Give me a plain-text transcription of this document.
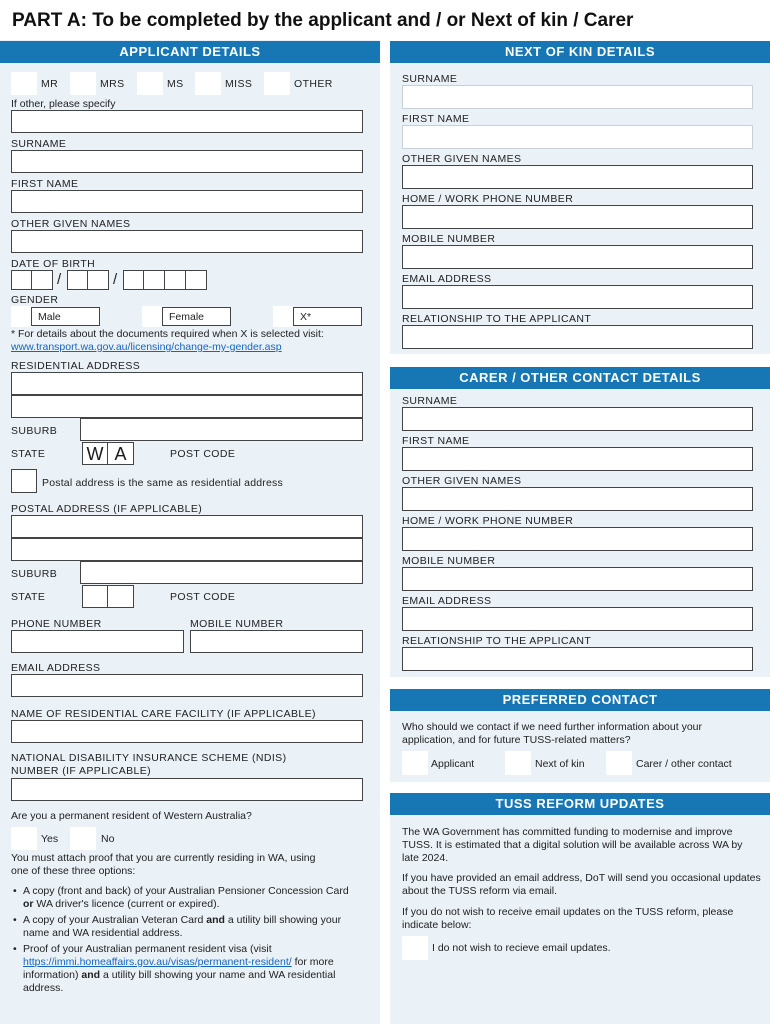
PART A: To be completed by the applicant and / or Next of kin / Carer
APPLICANT DETAILS
MR	MRS	MS	MISS	OTHER
If other, please specify
SURNAME
FIRST NAME
OTHER GIVEN NAMES
DATE OF BIRTH
/	/
GENDER
Male	Female	X*
* For details about the documents required when X is selected visit:
www.transport.wa.gov.au/licensing/change-my-gender.asp
RESIDENTIAL ADDRESS
SUBURB
STATE W A	POST CODE
Postal address is the same as residential address
POSTAL ADDRESS (IF APPLICABLE)
SUBURB
STATE	POST CODE
PHONE NUMBER	MOBILE NUMBER
EMAIL ADDRESS
NAME OF RESIDENTIAL CARE FACILITY (IF APPLICABLE)
NATIONAL DISABILITY INSURANCE SCHEME (NDIS)
NUMBER (IF APPLICABLE)
Are you a permanent resident of Western Australia?
Yes	No
You must attach proof that you are currently residing in WA, using one of these three options:
• A copy (front and back) of your Australian Pensioner Concession Card or WA driver's licence (current or expired).
• A copy of your Australian Veteran Card and a utility bill showing your name and WA residential address.
• Proof of your Australian permanent resident visa (visit https://immi.homeaffairs.gov.au/visas/permanent-resident/ for more information) and a utility bill showing your name and WA residential address.
NEXT OF KIN DETAILS
SURNAME
FIRST NAME
OTHER GIVEN NAMES
HOME / WORK PHONE NUMBER
MOBILE NUMBER
EMAIL ADDRESS
RELATIONSHIP TO THE APPLICANT
CARER / OTHER CONTACT DETAILS
SURNAME
FIRST NAME
OTHER GIVEN NAMES
HOME / WORK PHONE NUMBER
MOBILE NUMBER
EMAIL ADDRESS
RELATIONSHIP TO THE APPLICANT
PREFERRED CONTACT
Who should we contact if we need further information about your application, and for future TUSS-related matters?
Applicant	Next of kin	Carer / other contact
TUSS REFORM UPDATES
The WA Government has committed funding to modernise and improve TUSS. It is estimated that a digital solution will be available across WA by late 2024.
If you have provided an email address, DoT will send you occasional updates about the TUSS reform via email.
If you do not wish to receive email updates on the TUSS reform, please indicate below:
I do not wish to recieve email updates.
